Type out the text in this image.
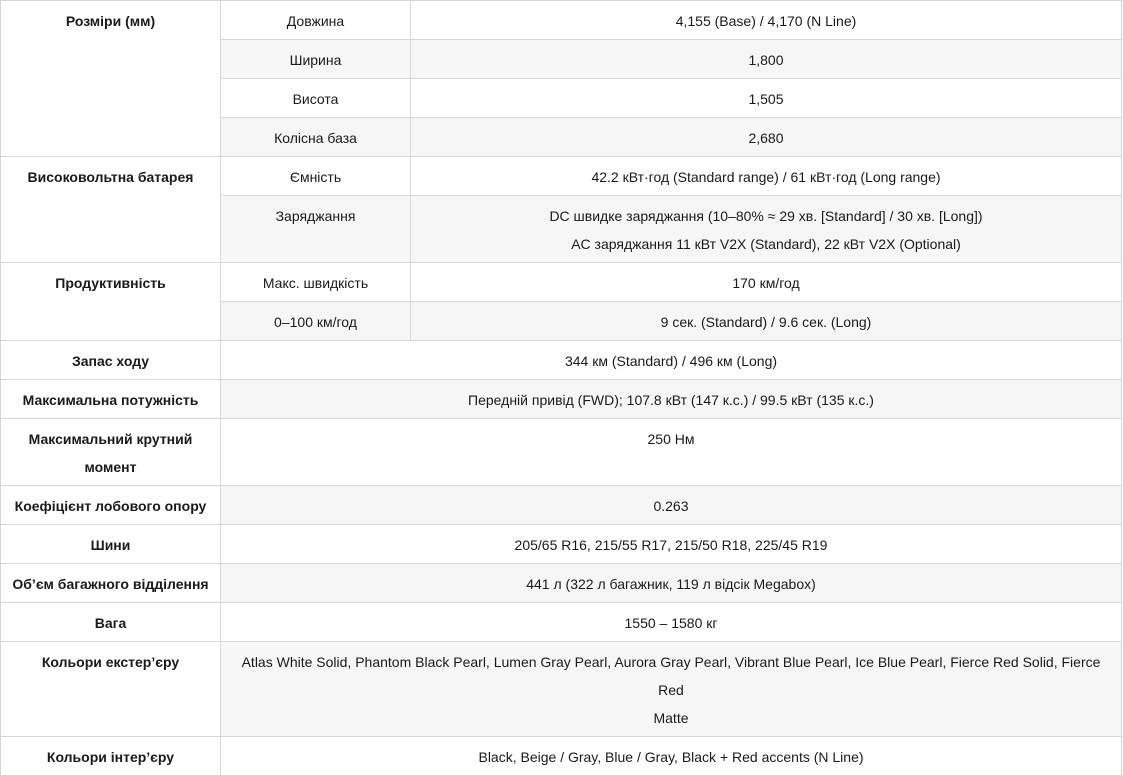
Розміри (мм)	Довжина	4,155 (Base) / 4,170 (N Line)
	Ширина	1,800
	Висота	1,505
	Колісна база	2,680
Високовольтна батарея	Ємність	42.2 кВт·год (Standard range) / 61 кВт·год (Long range)
	Заряджання	DC швидке заряджання (10–80% ≈ 29 хв. [Standard] / 30 хв. [Long])
AC заряджання 11 кВт V2X (Standard), 22 кВт V2X (Optional)

Продуктивність	Макс. швидкість	170 км/год
	0–100 км/год	9 сек. (Standard) / 9.6 сек. (Long)
Запас ходу	344 км (Standard) / 496 км (Long)	
Максимальна потужність	Передній привід (FWD); 107.8 кВт (147 к.с.) / 99.5 кВт (135 к.с.)	

Максимальний крутний
момент	250 Нм	
Коефіцієнт лобового опору	0.263	
Шини	205/65 R16, 215/55 R17, 215/50 R18, 225/45 R19	
Об’єм багажного відділення	441 л (322 л багажник, 119 л відсік Megabox)	
Вага	1550 – 1580 кг	
Кольори екстер’єру	Atlas White Solid, Phantom Black Pearl, Lumen Gray Pearl, Aurora Gray Pearl, Vibrant Blue Pearl, Ice Blue Pearl, Fierce Red Solid, Fierce Red
Matte	

Кольори інтер’єру	Black, Beige / Gray, Blue / Gray, Black + Red accents (N Line)	
